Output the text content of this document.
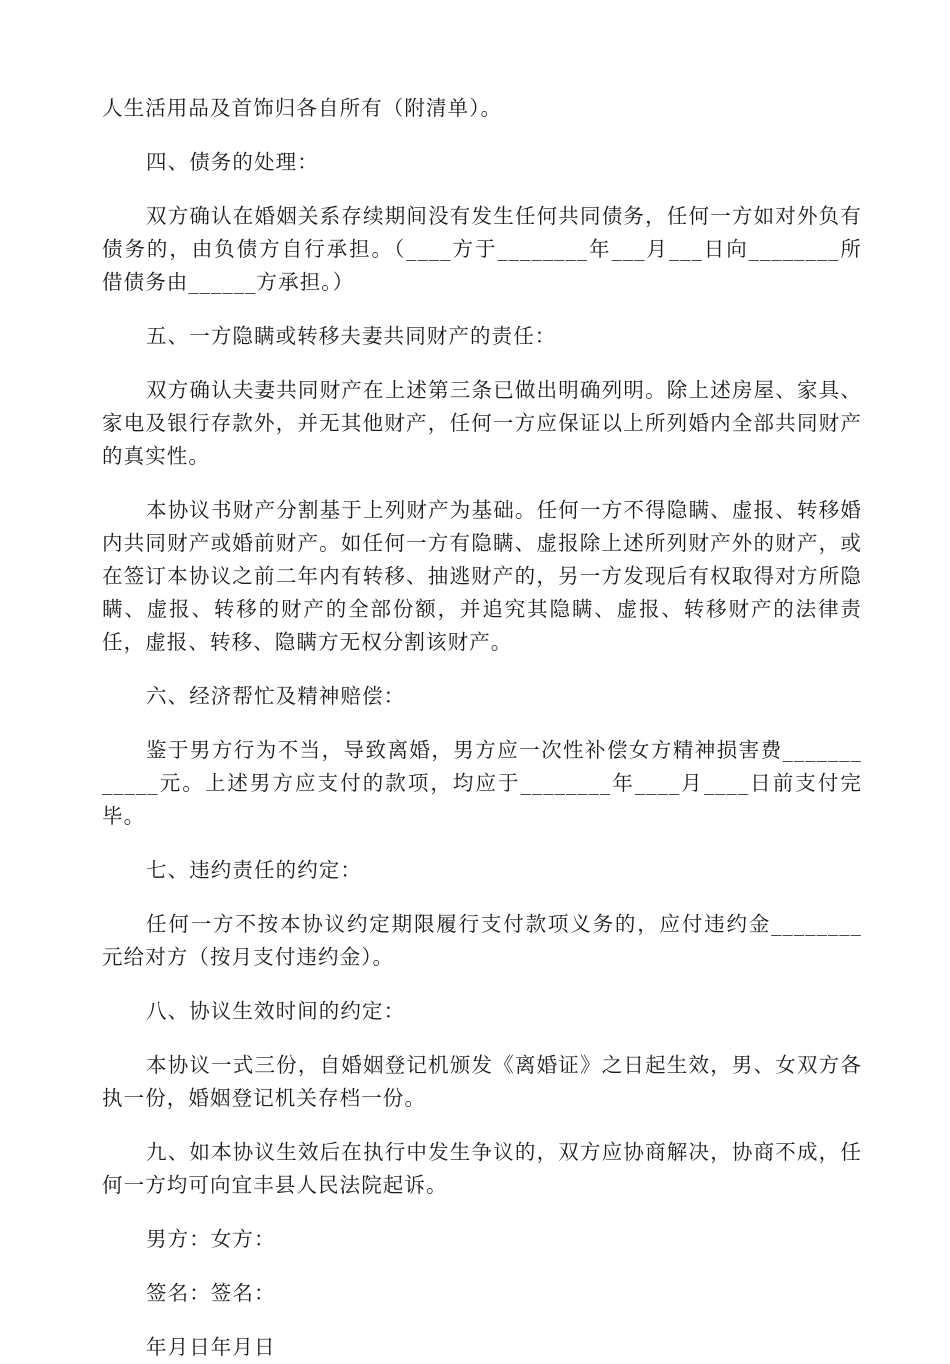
人生活用品及首饰归各自所有（附清单）。

四、债务的处理：

双方确认在婚姻关系存续期间没有发生任何共同债务，任何一方如对外负有债务的，由负债方自行承担。（____方于________年___月___日向________所借债务由______方承担。）

五、一方隐瞒或转移夫妻共同财产的责任：

双方确认夫妻共同财产在上述第三条已做出明确列明。除上述房屋、家具、家电及银行存款外，并无其他财产，任何一方应保证以上所列婚内全部共同财产的真实性。

本协议书财产分割基于上列财产为基础。任何一方不得隐瞒、虚报、转移婚内共同财产或婚前财产。如任何一方有隐瞒、虚报除上述所列财产外的财产，或在签订本协议之前二年内有转移、抽逃财产的，另一方发现后有权取得对方所隐瞒、虚报、转移的财产的全部份额，并追究其隐瞒、虚报、转移财产的法律责任，虚报、转移、隐瞒方无权分割该财产。

六、经济帮忙及精神赔偿：

鉴于男方行为不当，导致离婚，男方应一次性补偿女方精神损害费____________元。上述男方应支付的款项，均应于________年____月____日前支付完毕。

七、违约责任的约定：

任何一方不按本协议约定期限履行支付款项义务的，应付违约金________元给对方（按月支付违约金）。

八、协议生效时间的约定：

本协议一式三份，自婚姻登记机颁发《离婚证》之日起生效，男、女双方各执一份，婚姻登记机关存档一份。

九、如本协议生效后在执行中发生争议的，双方应协商解决，协商不成，任何一方均可向宜丰县人民法院起诉。

男方：女方：

签名：签名：

年月日年月日
